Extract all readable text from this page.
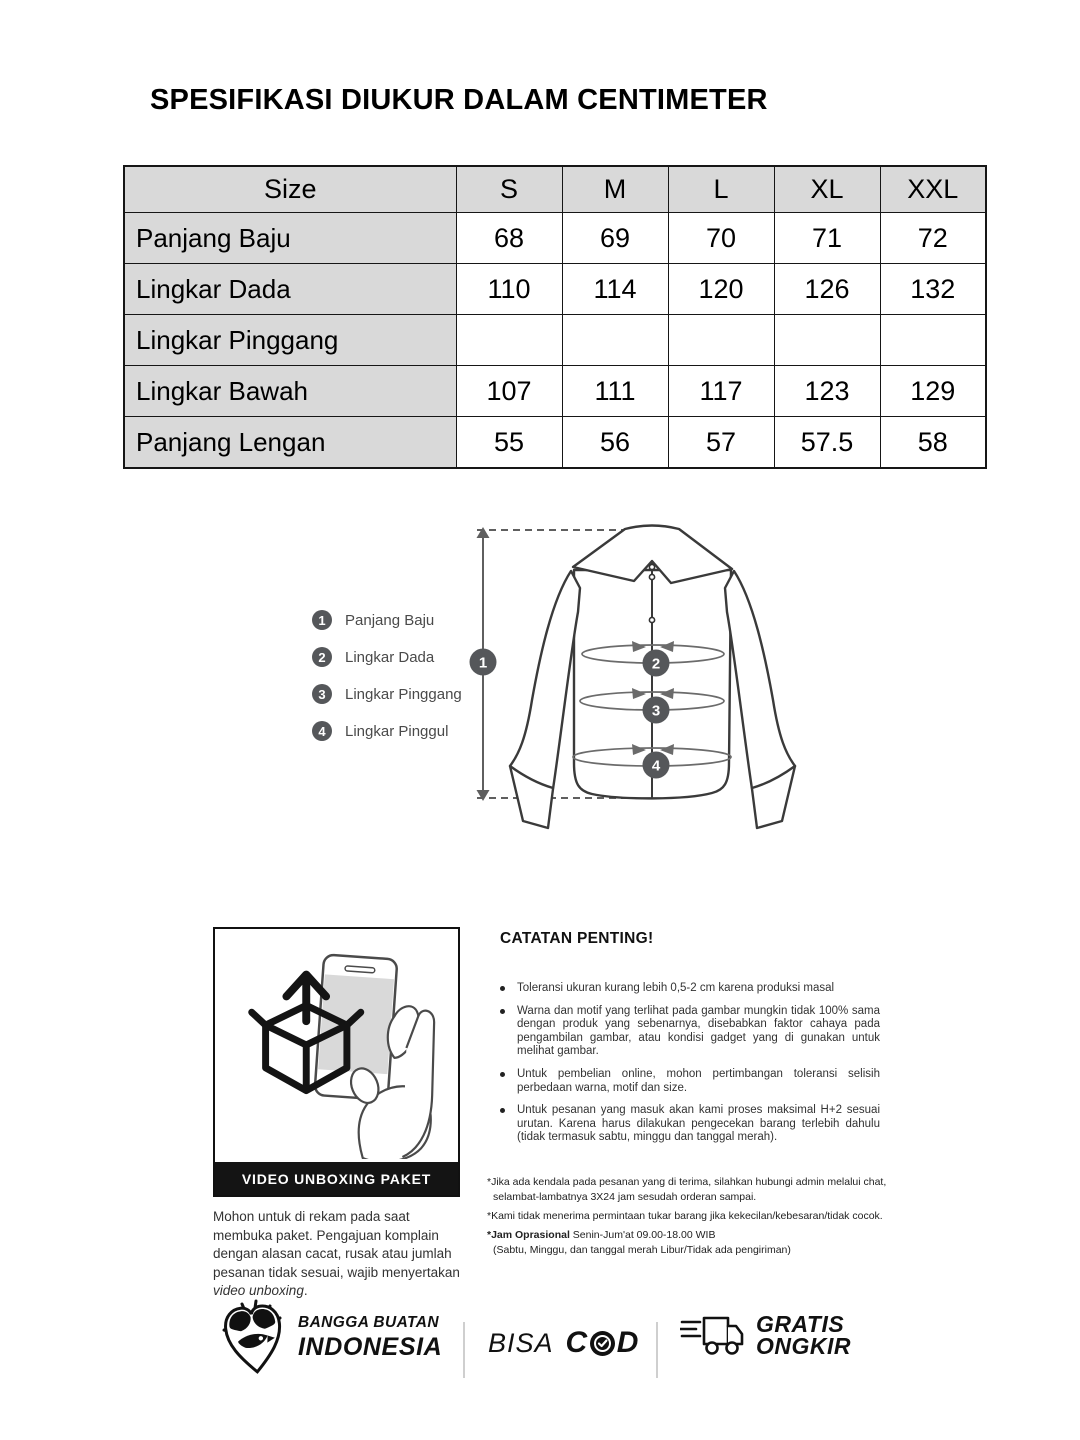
SPESIFIKASI DIUKUR DALAM CENTIMETER
Size	S	M	L	XL	XXL
Panjang Baju	68	69	70	71	72
Lingkar Dada	110	114	120	126	132
Lingkar Pinggang					
Lingkar Bawah	107	111	117	123	129
Panjang Lengan	55	56	57	57.5	58
1	2
3
4
1	Panjang Baju
2	Lingkar Dada
3	Lingkar Pinggang
4	Lingkar Pinggul
VIDEO UNBOXING PAKET
Mohon untuk di rekam pada saat membuka paket. Pengajuan komplain dengan alasan cacat, rusak atau jumlah pesanan tidak sesuai, wajib menyertakan video unboxing.
CATATAN PENTING!
Toleransi ukuran kurang lebih 0,5-2 cm karena produksi masal
Warna dan motif yang terlihat pada gambar mungkin tidak 100% sama dengan produk yang sebenarnya, disebabkan faktor cahaya pada pengambilan gambar, atau kondisi gadget yang di gunakan untuk melihat gambar.
Untuk pembelian online, mohon pertimbangan toleransi selisih perbedaan warna, motif dan size.
Untuk pesanan yang masuk akan kami proses maksimal H+2 sesuai urutan. Karena harus dilakukan pengecekan barang terlebih dahulu (tidak termasuk sabtu, minggu dan tanggal merah).

*Jika ada kendala pada pesanan yang di terima, silahkan hubungi admin melalui chat,

selambat-lambatnya 3X24 jam sesudah orderan sampai.

*Kami tidak menerima permintaan tukar barang jika kekecilan/kebesaran/tidak cocok.

*Jam Oprasional Senin-Jum'at 09.00-18.00 WIB

(Sabtu, Minggu, dan tanggal merah Libur/Tidak ada pengiriman)

BANGGA BUATAN
INDONESIA BISA C D
GRATIS
ONGKIR
